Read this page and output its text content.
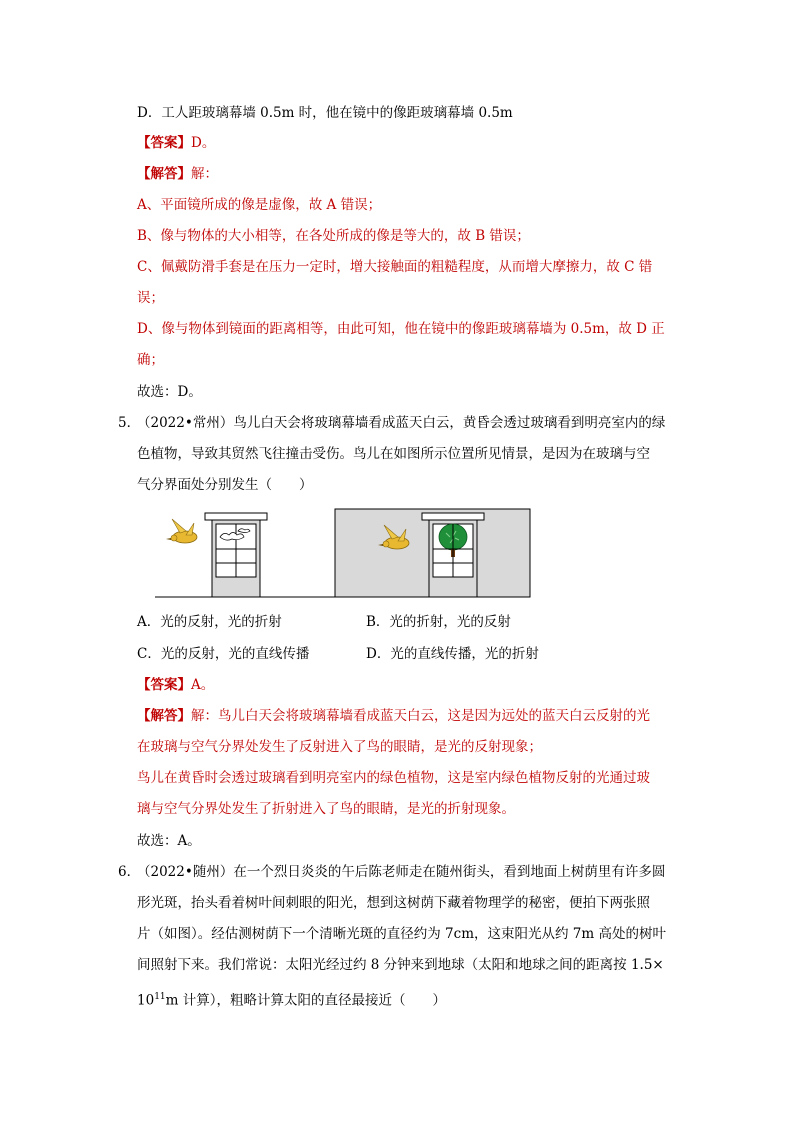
D．工人距玻璃幕墙 0.5m 时，他在镜中的像距玻璃幕墙 0.5m
【答案】D。
【解答】解：
A、平面镜所成的像是虚像，故 A 错误；
B、像与物体的大小相等，在各处所成的像是等大的，故 B 错误；
C、佩戴防滑手套是在压力一定时，增大接触面的粗糙程度，从而增大摩擦力，故 C 错
误；
D、像与物体到镜面的距离相等，由此可知，他在镜中的像距玻璃幕墙为 0.5m，故 D 正
确；
故选：D。
5．
（2022•常州）鸟儿白天会将玻璃幕墙看成蓝天白云，黄昏会透过玻璃看到明亮室内的绿
色植物，导致其贸然飞往撞击受伤。鸟儿在如图所示位置所见情景，是因为在玻璃与空
气分界面处分别发生（　　）
A．光的反射，光的折射	B．光的折射，光的反射
C．光的反射，光的直线传播	D．光的直线传播，光的折射
【答案】A。
【解答】解：鸟儿白天会将玻璃幕墙看成蓝天白云，这是因为远处的蓝天白云反射的光
在玻璃与空气分界处发生了反射进入了鸟的眼睛，是光的反射现象；
鸟儿在黄昏时会透过玻璃看到明亮室内的绿色植物，这是室内绿色植物反射的光通过玻
璃与空气分界处发生了折射进入了鸟的眼睛，是光的折射现象。
故选：A。
6．
（2022•随州）在一个烈日炎炎的午后陈老师走在随州街头，看到地面上树荫里有许多圆
形光斑，抬头看着树叶间刺眼的阳光，想到这树荫下藏着物理学的秘密，便拍下两张照
片（如图）。经估测树荫下一个清晰光斑的直径约为 7cm，这束阳光从约 7m 高处的树叶
间照射下来。我们常说：太阳光经过约 8 分钟来到地球（太阳和地球之间的距离按 1.5×
$10^{11}m$ 计算），粗略计算太阳的直径最接近（　　）
